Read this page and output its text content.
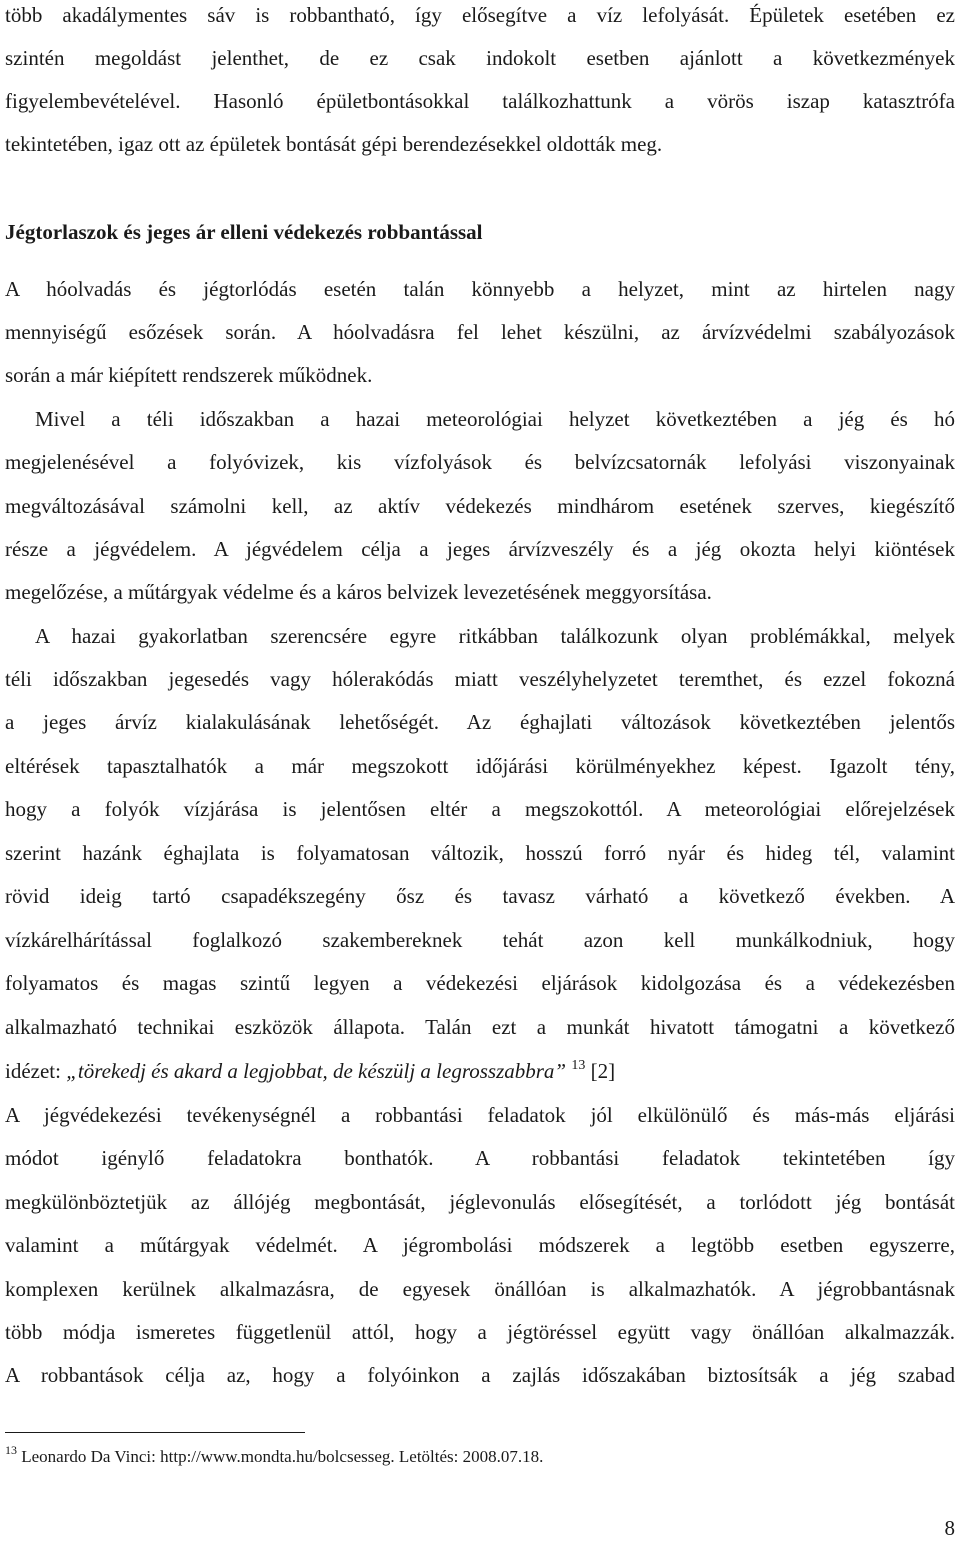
több akadálymentes sáv is robbantható, így elősegítve a víz lefolyását. Épületek esetében ez
szintén megoldást jelenthet, de ez csak indokolt esetben ajánlott a következmények
figyelembevételével. Hasonló épületbontásokkal találkozhattunk a vörös iszap katasztrófa
tekintetében, igaz ott az épületek bontását gépi berendezésekkel oldották meg.
Jégtorlaszok és jeges ár elleni védekezés robbantással
A hóolvadás és jégtorlódás esetén talán könnyebb a helyzet, mint az hirtelen nagy
mennyiségű esőzések során. A hóolvadásra fel lehet készülni, az árvízvédelmi szabályozások
során a már kiépített rendszerek működnek.
Mivel a téli időszakban a hazai meteorológiai helyzet következtében a jég és hó
megjelenésével a folyóvizek, kis vízfolyások és belvízcsatornák lefolyási viszonyainak
megváltozásával számolni kell, az aktív védekezés mindhárom esetének szerves, kiegészítő
része a jégvédelem. A jégvédelem célja a jeges árvízveszély és a jég okozta helyi kiöntések
megelőzése, a műtárgyak védelme és a káros belvizek levezetésének meggyorsítása.
A hazai gyakorlatban szerencsére egyre ritkábban találkozunk olyan problémákkal, melyek
téli időszakban jegesedés vagy hólerakódás miatt veszélyhelyzetet teremthet, és ezzel fokozná
a jeges árvíz kialakulásának lehetőségét. Az éghajlati változások következtében jelentős
eltérések tapasztalhatók a már megszokott időjárási körülményekhez képest. Igazolt tény,
hogy a folyók vízjárása is jelentősen eltér a megszokottól. A meteorológiai előrejelzések
szerint hazánk éghajlata is folyamatosan változik, hosszú forró nyár és hideg tél, valamint
rövid ideig tartó csapadékszegény ősz és tavasz várható a következő években. A
vízkárelhárítással foglalkozó szakembereknek tehát azon kell munkálkodniuk, hogy
folyamatos és magas szintű legyen a védekezési eljárások kidolgozása és a védekezésben
alkalmazható technikai eszközök állapota. Talán ezt a munkát hivatott támogatni a következő
idézet: „törekedj és akard a legjobbat, de készülj a legrosszabbra” $^{13}$ [2]
A jégvédekezési tevékenységnél a robbantási feladatok jól elkülönülő és más-más eljárási
módot igénylő feladatokra bonthatók. A robbantási feladatok tekintetében így
megkülönböztetjük az állójég megbontását, jéglevonulás elősegítését, a torlódott jég bontását
valamint a műtárgyak védelmét. A jégrombolási módszerek a legtöbb esetben egyszerre,
komplexen kerülnek alkalmazásra, de egyesek önállóan is alkalmazhatók. A jégrobbantásnak
több módja ismeretes függetlenül attól, hogy a jégtöréssel együtt vagy önállóan alkalmazzák.
A robbantások célja az, hogy a folyóinkon a zajlás időszakában biztosítsák a jég szabad
$^{13}$ Leonardo Da Vinci: http://www.mondta.hu/bolcsesseg. Letöltés: 2008.07.18.
8
